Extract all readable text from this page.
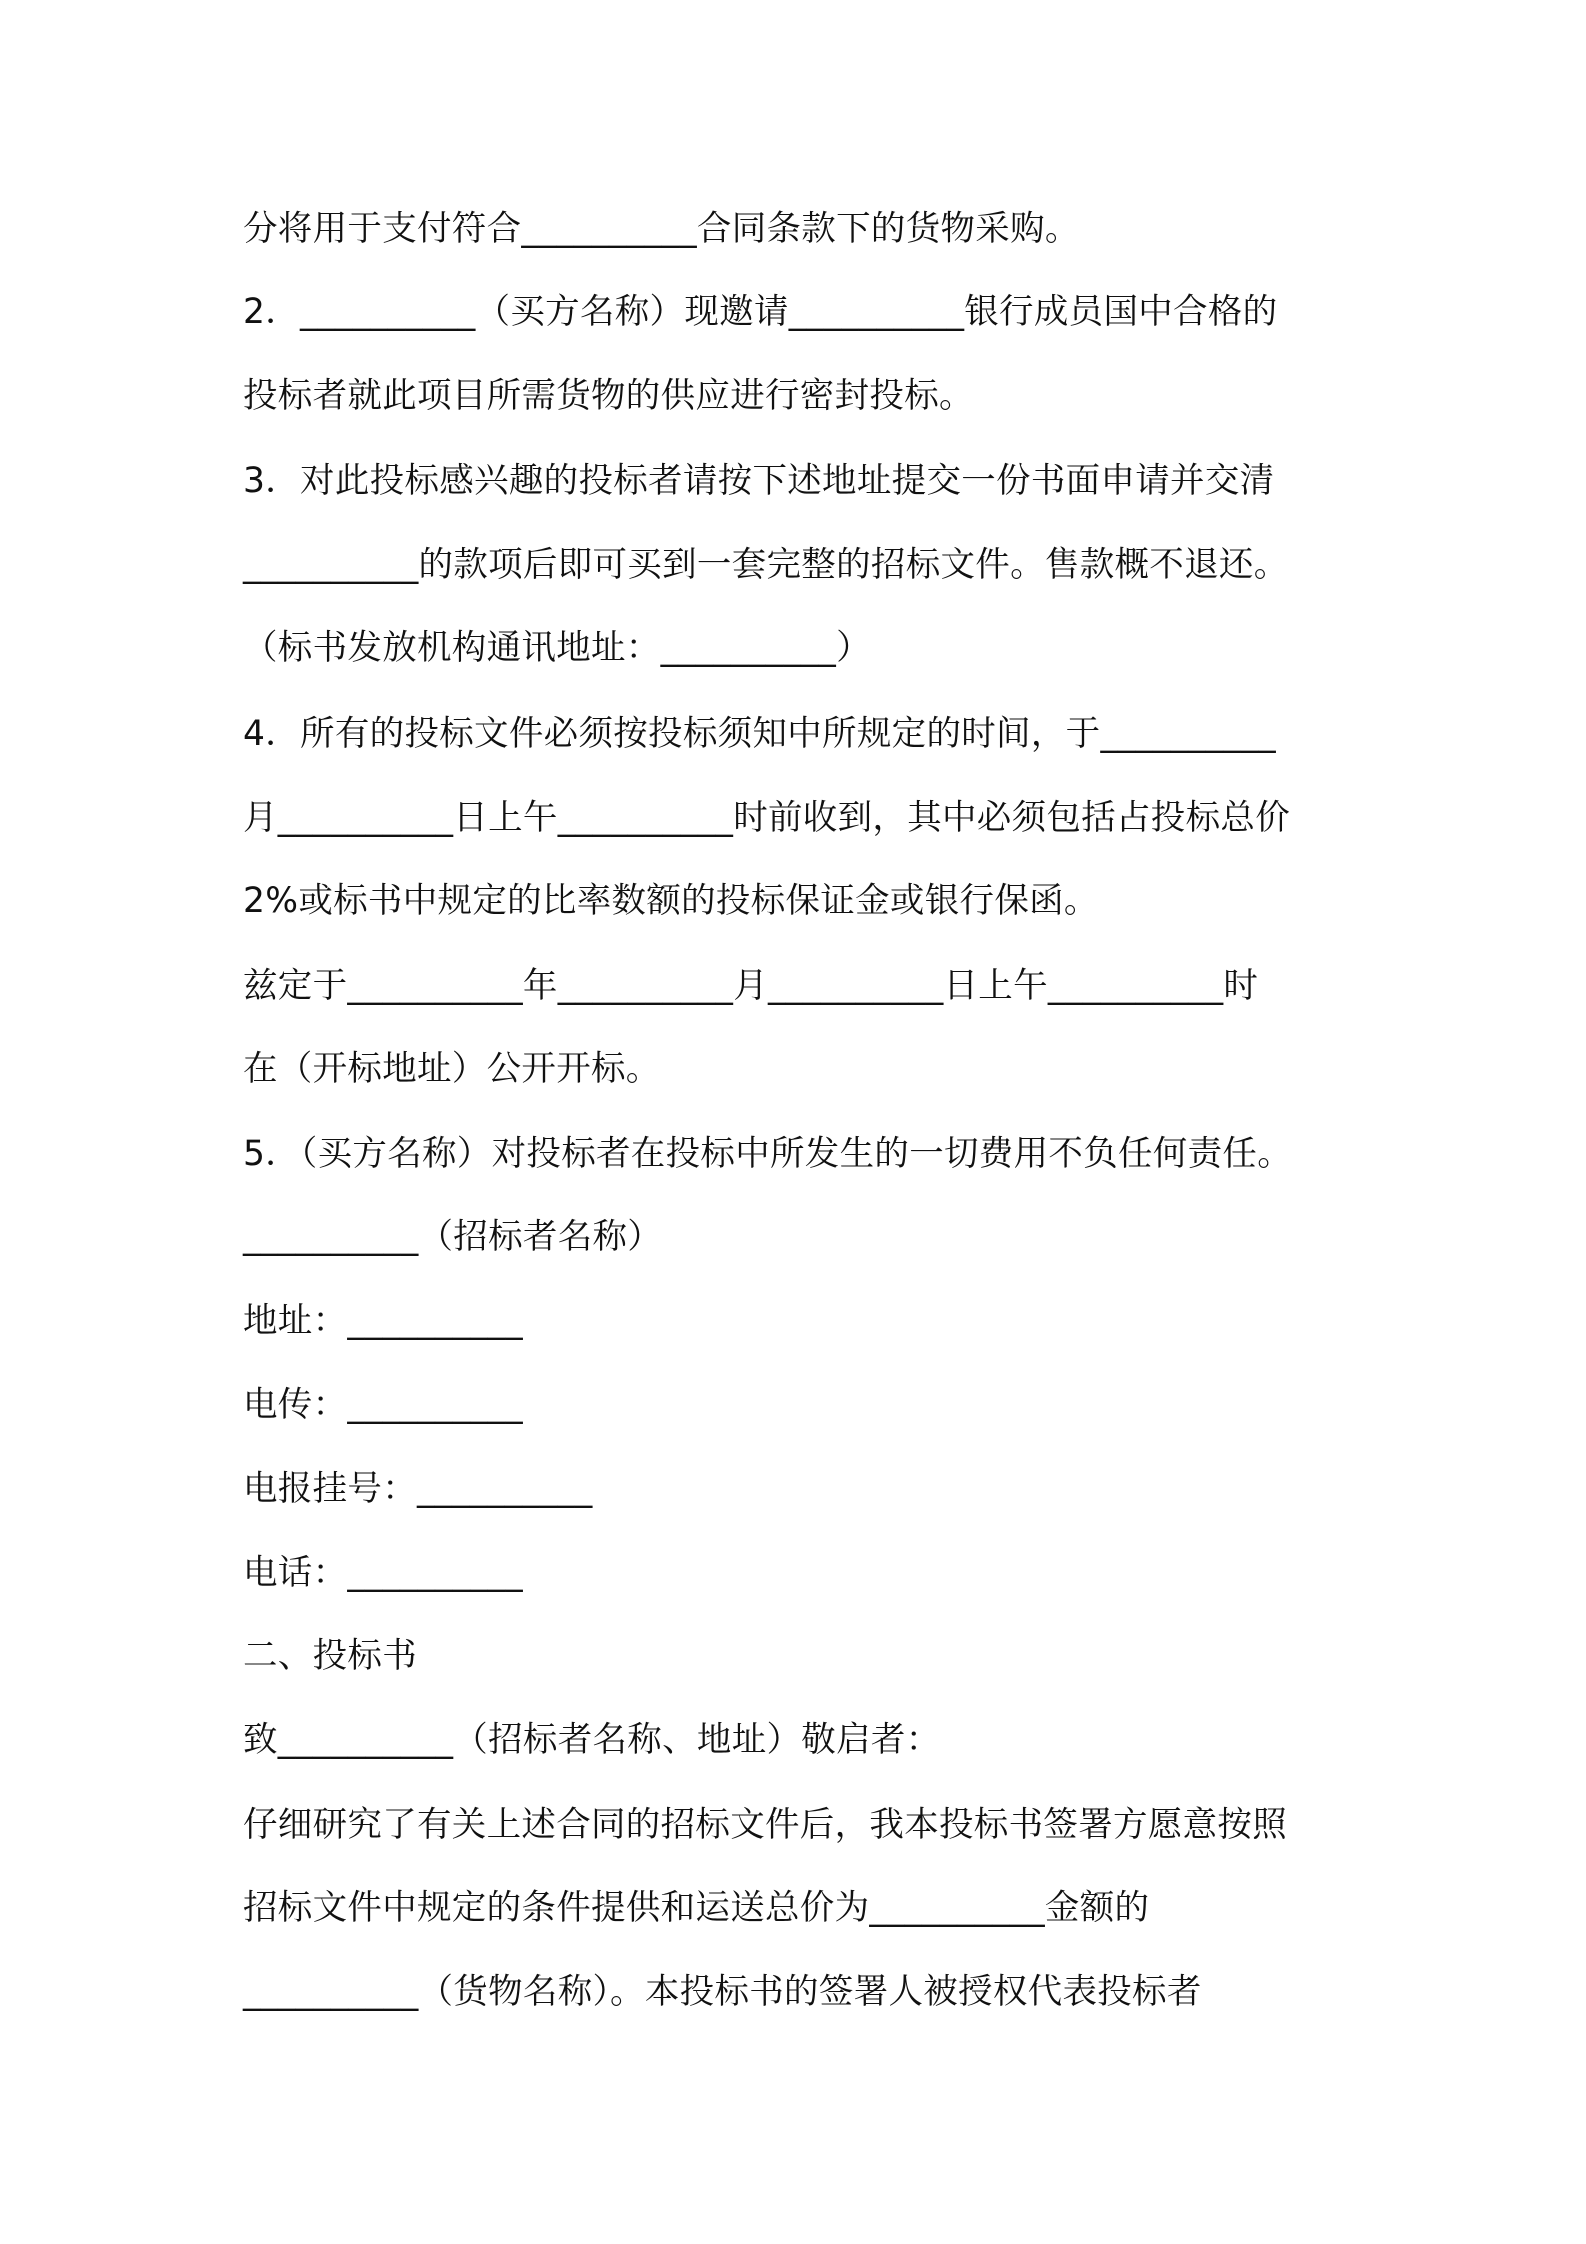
分将用于支付符合__________合同条款下的货物采购。

2．__________（买方名称）现邀请__________银行成员国中合格的

投标者就此项目所需货物的供应进行密封投标。

3．对此投标感兴趣的投标者请按下述地址提交一份书面申请并交清

__________的款项后即可买到一套完整的招标文件。售款概不退还。

（标书发放机构通讯地址：__________）

4．所有的投标文件必须按投标须知中所规定的时间，于__________

月__________日上午__________时前收到，其中必须包括占投标总价

2%或标书中规定的比率数额的投标保证金或银行保函。

兹定于__________年__________月__________日上午__________时

在（开标地址）公开开标。

5．（买方名称）对投标者在投标中所发生的一切费用不负任何责任。

__________（招标者名称）

地址：__________

电传：__________

电报挂号：__________

电话：__________

二、投标书

致__________（招标者名称、地址）敬启者：

仔细研究了有关上述合同的招标文件后，我本投标书签署方愿意按照

招标文件中规定的条件提供和运送总价为__________金额的

__________（货物名称）。本投标书的签署人被授权代表投标者
